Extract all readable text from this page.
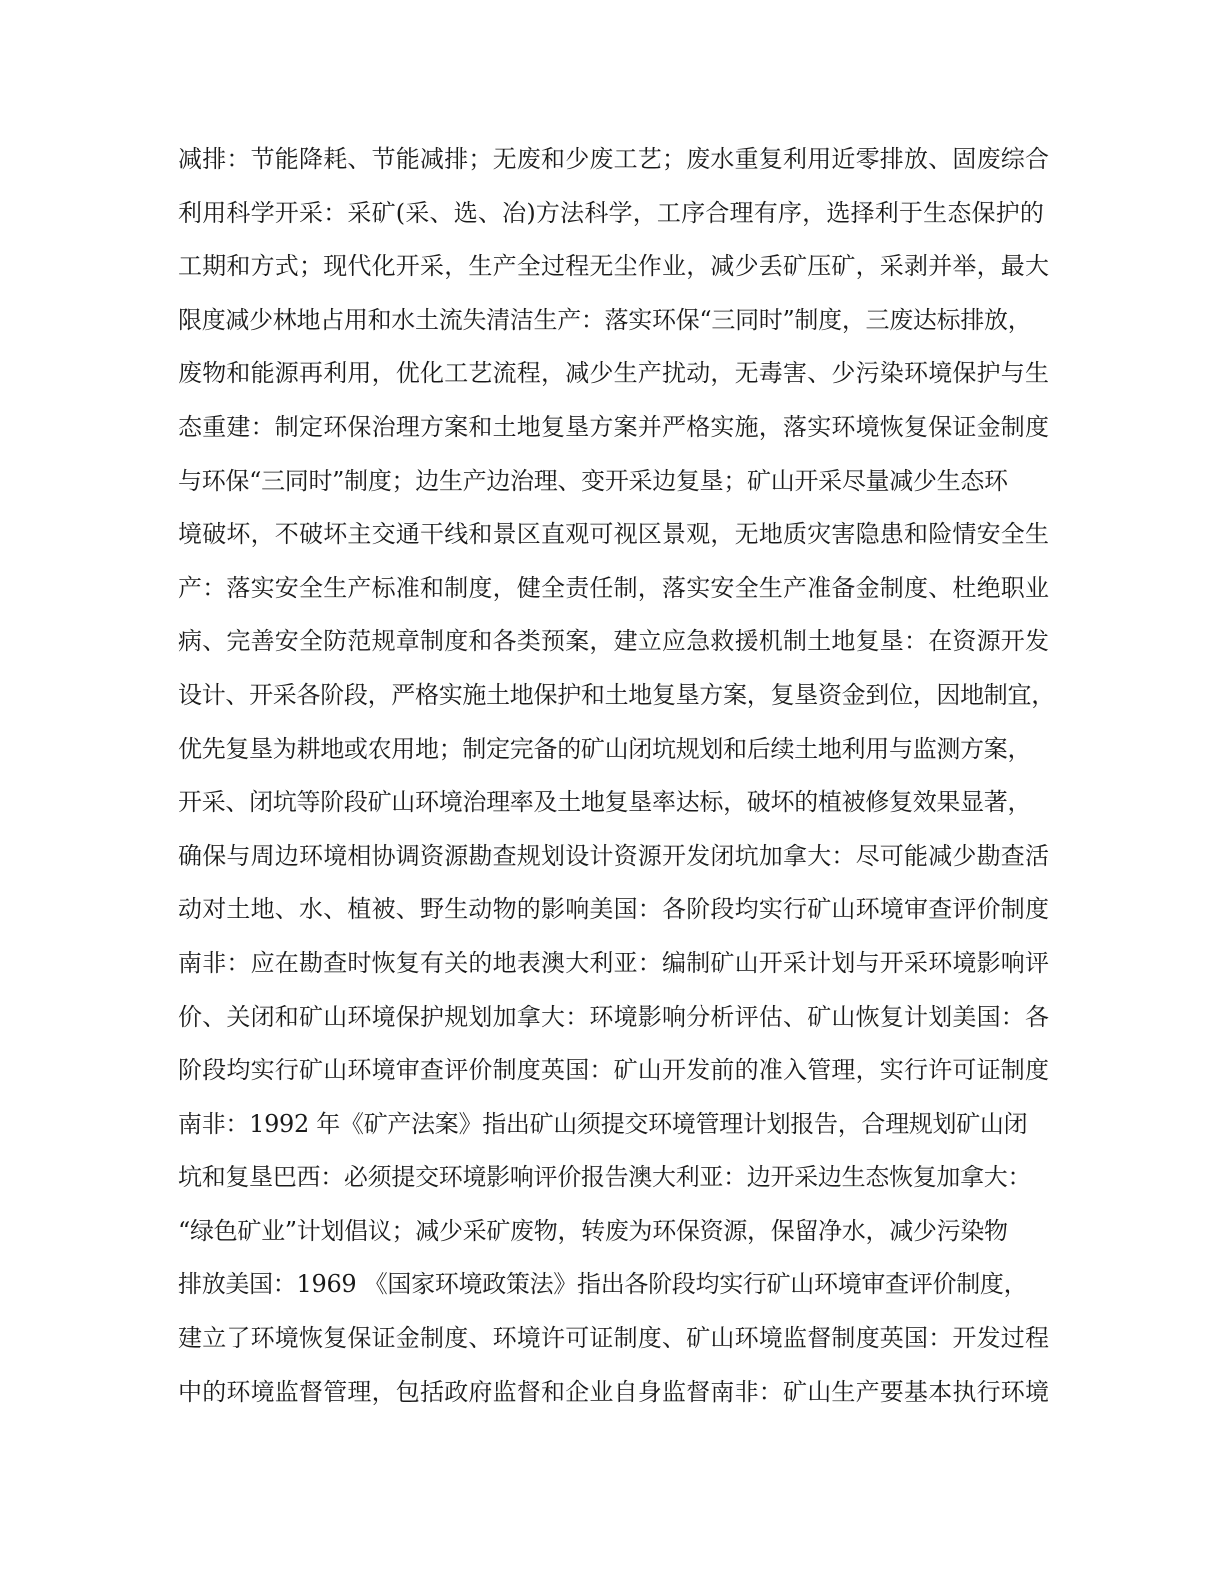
减排：节能降耗、节能减排；无废和少废工艺；废水重复利用近零排放、固废综合
利用科学开采：采矿(采、选、冶)方法科学，工序合理有序，选择利于生态保护的
工期和方式；现代化开采，生产全过程无尘作业，减少丢矿压矿，采剥并举，最大
限度减少林地占用和水土流失清洁生产：落实环保“三同时”制度，三废达标排放，
废物和能源再利用，优化工艺流程，减少生产扰动，无毒害、少污染环境保护与生
态重建：制定环保治理方案和土地复垦方案并严格实施，落实环境恢复保证金制度
与环保“三同时”制度；边生产边治理、变开采边复垦；矿山开采尽量减少生态环
境破坏，不破坏主交通干线和景区直观可视区景观，无地质灾害隐患和险情安全生
产：落实安全生产标准和制度，健全责任制，落实安全生产准备金制度、杜绝职业
病、完善安全防范规章制度和各类预案，建立应急救援机制土地复垦：在资源开发
设计、开采各阶段，严格实施土地保护和土地复垦方案，复垦资金到位，因地制宜，
优先复垦为耕地或农用地；制定完备的矿山闭坑规划和后续土地利用与监测方案，
开采、闭坑等阶段矿山环境治理率及土地复垦率达标，破坏的植被修复效果显著，
确保与周边环境相协调资源勘查规划设计资源开发闭坑加拿大：尽可能减少勘查活
动对土地、水、植被、野生动物的影响美国：各阶段均实行矿山环境审查评价制度
南非：应在勘查时恢复有关的地表澳大利亚：编制矿山开采计划与开采环境影响评
价、关闭和矿山环境保护规划加拿大：环境影响分析评估、矿山恢复计划美国：各
阶段均实行矿山环境审查评价制度英国：矿山开发前的准入管理，实行许可证制度
南非：1992 年《矿产法案》指出矿山须提交环境管理计划报告，合理规划矿山闭
坑和复垦巴西：必须提交环境影响评价报告澳大利亚：边开采边生态恢复加拿大：
“绿色矿业”计划倡议；减少采矿废物，转废为环保资源，保留净水，减少污染物
排放美国：1969 《国家环境政策法》指出各阶段均实行矿山环境审查评价制度，
建立了环境恢复保证金制度、环境许可证制度、矿山环境监督制度英国：开发过程
中的环境监督管理，包括政府监督和企业自身监督南非：矿山生产要基本执行环境
